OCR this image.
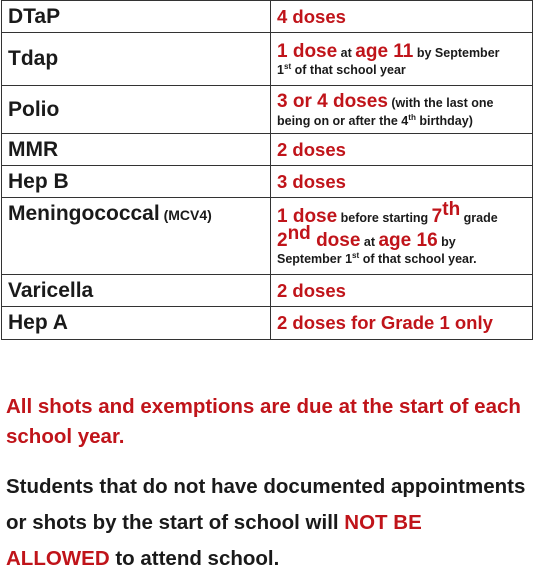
DTaP	4 doses
Tdap	1 dose at age 11 by September
1st of that school year

Polio	3 or 4 doses (with the last one
being on or after the 4th birthday)

MMR	2 doses
Hep B	3 doses
Meningococcal (MCV4)	1 dose before starting 7th grade
2nd dose at age 16 by
September 1st of that school year.

Varicella	2 doses
Hep A	2 doses for Grade 1 only
All shots and exemptions are due at the start of each school year.
Students that do not have documented appointments or shots by the start of school will NOT BE ALLOWED to attend school.
